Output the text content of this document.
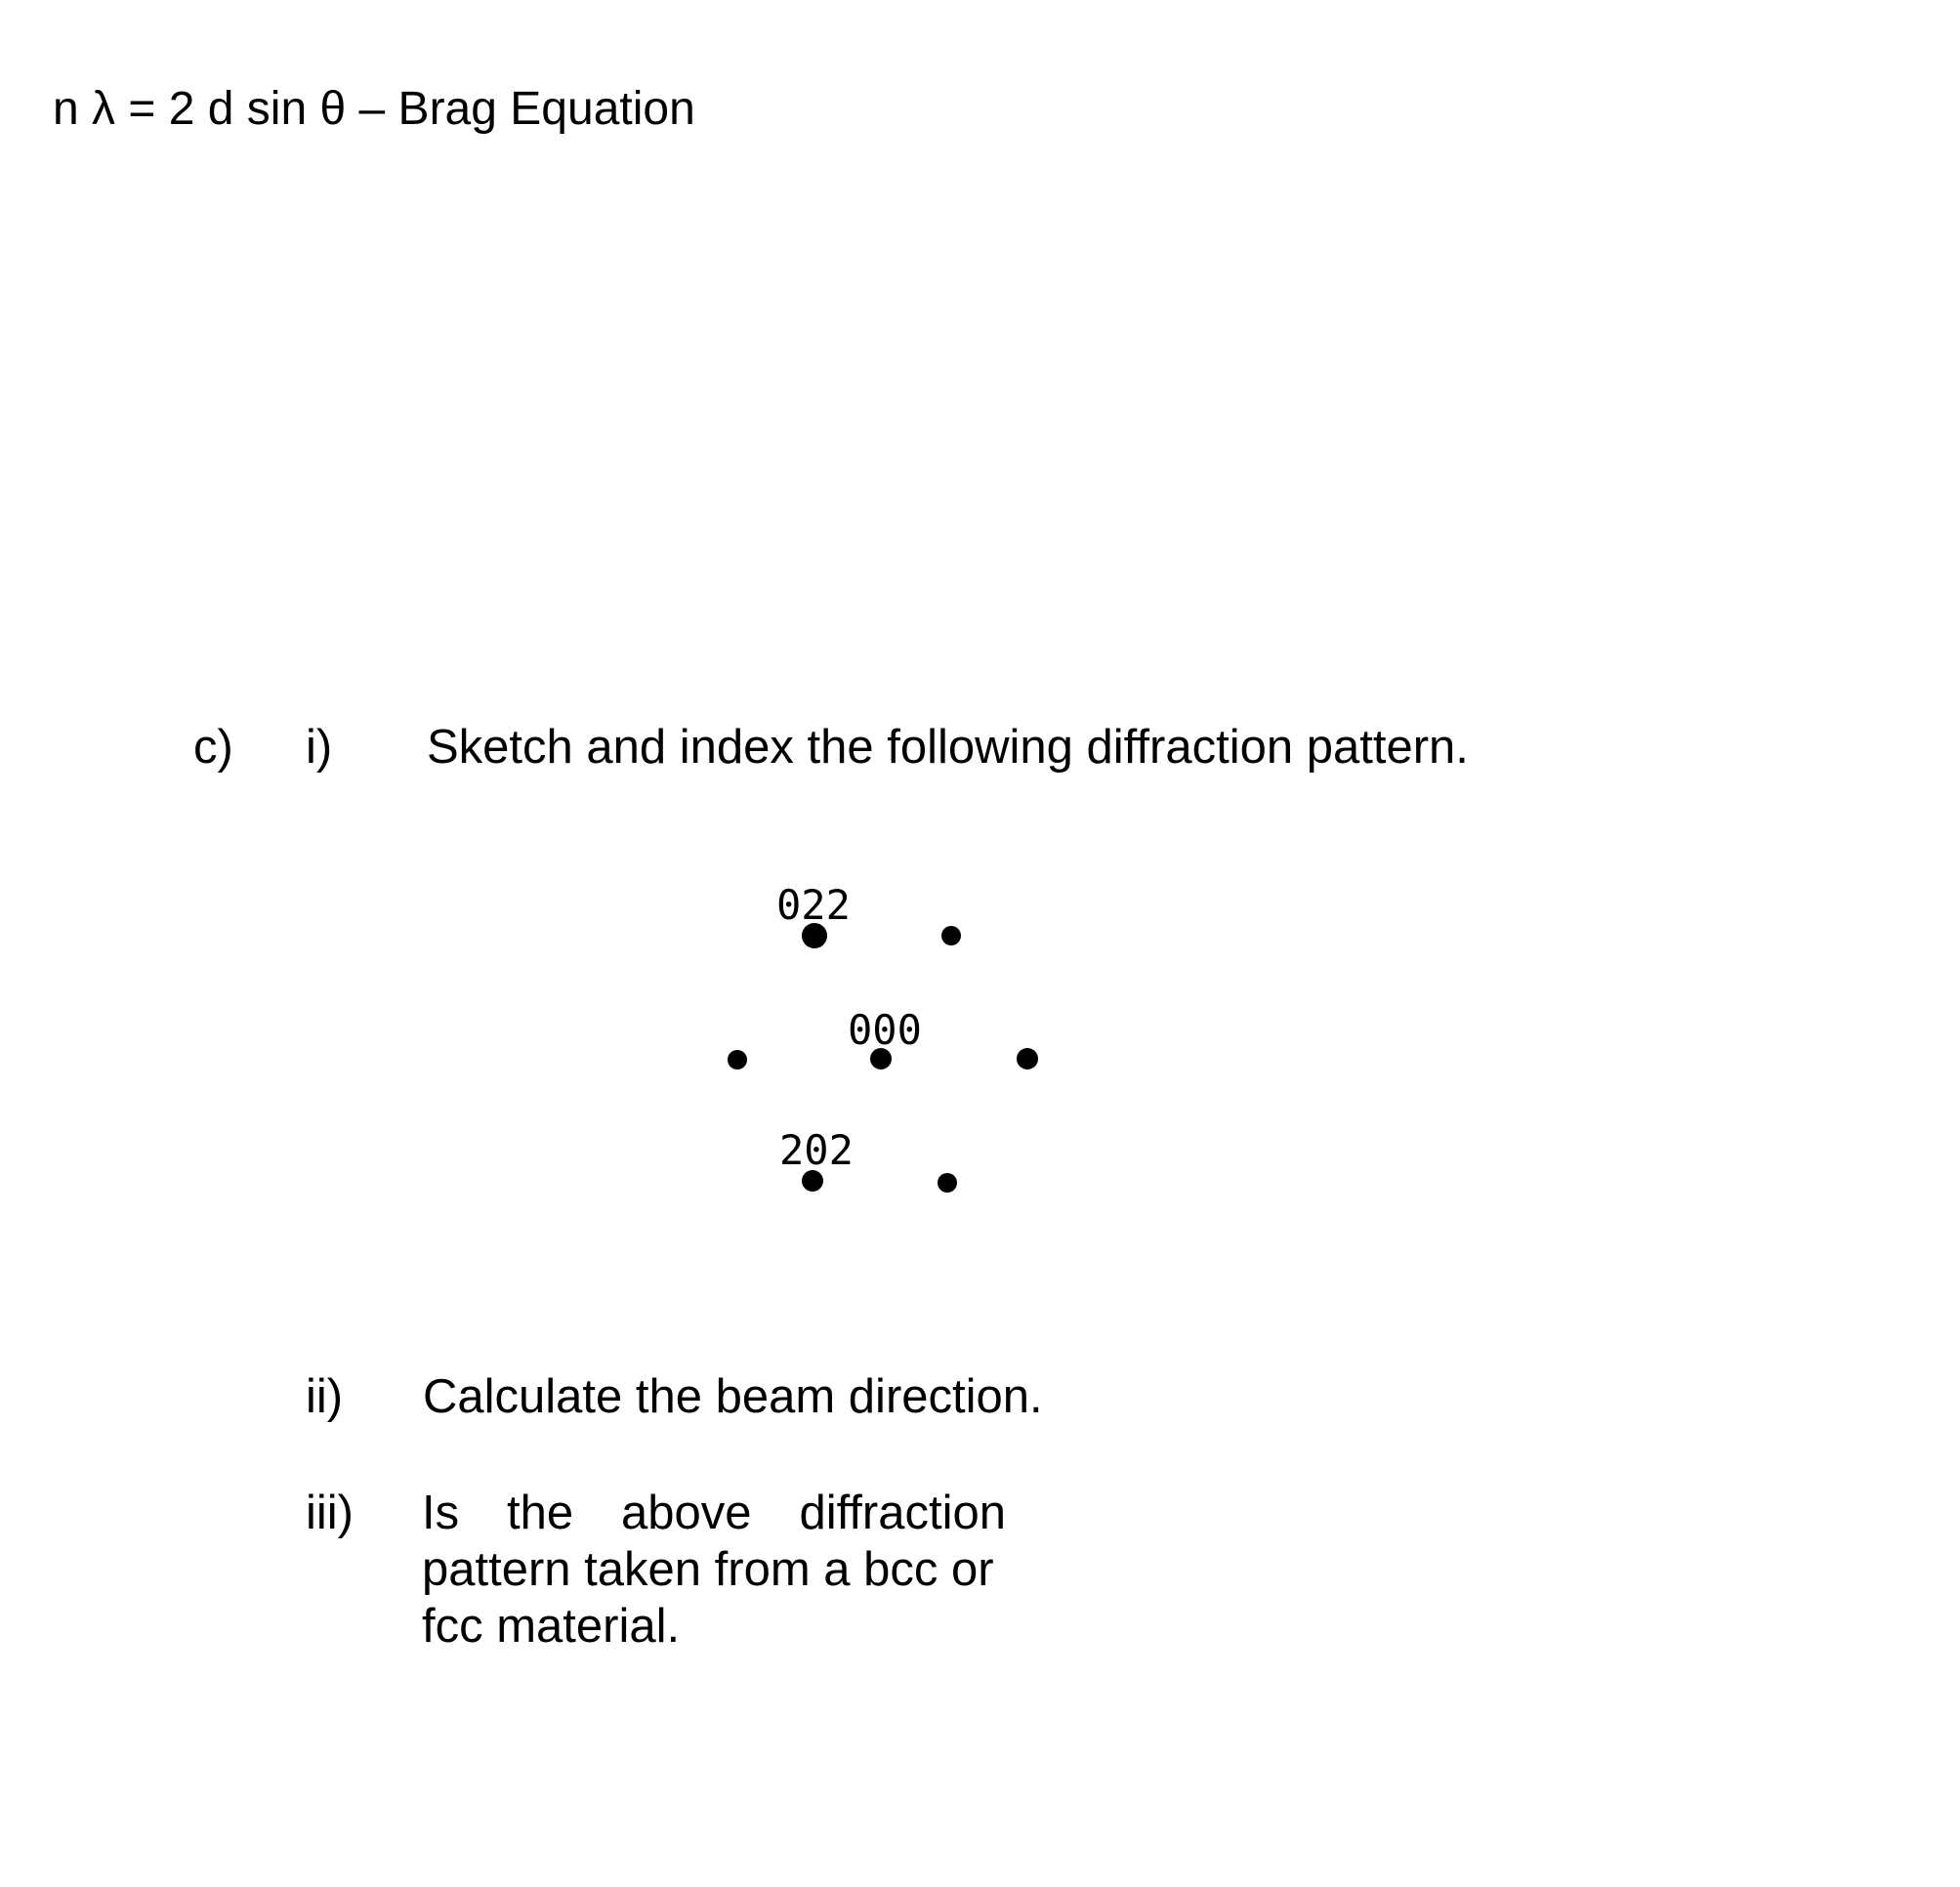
n λ = 2 d sin θ – Brag Equation
c) i) Sketch and index the following diffraction pattern.
022
000
202
ii) Calculate the beam direction.
iii) Is the above diffraction
pattern taken from a bcc or
fcc material.
